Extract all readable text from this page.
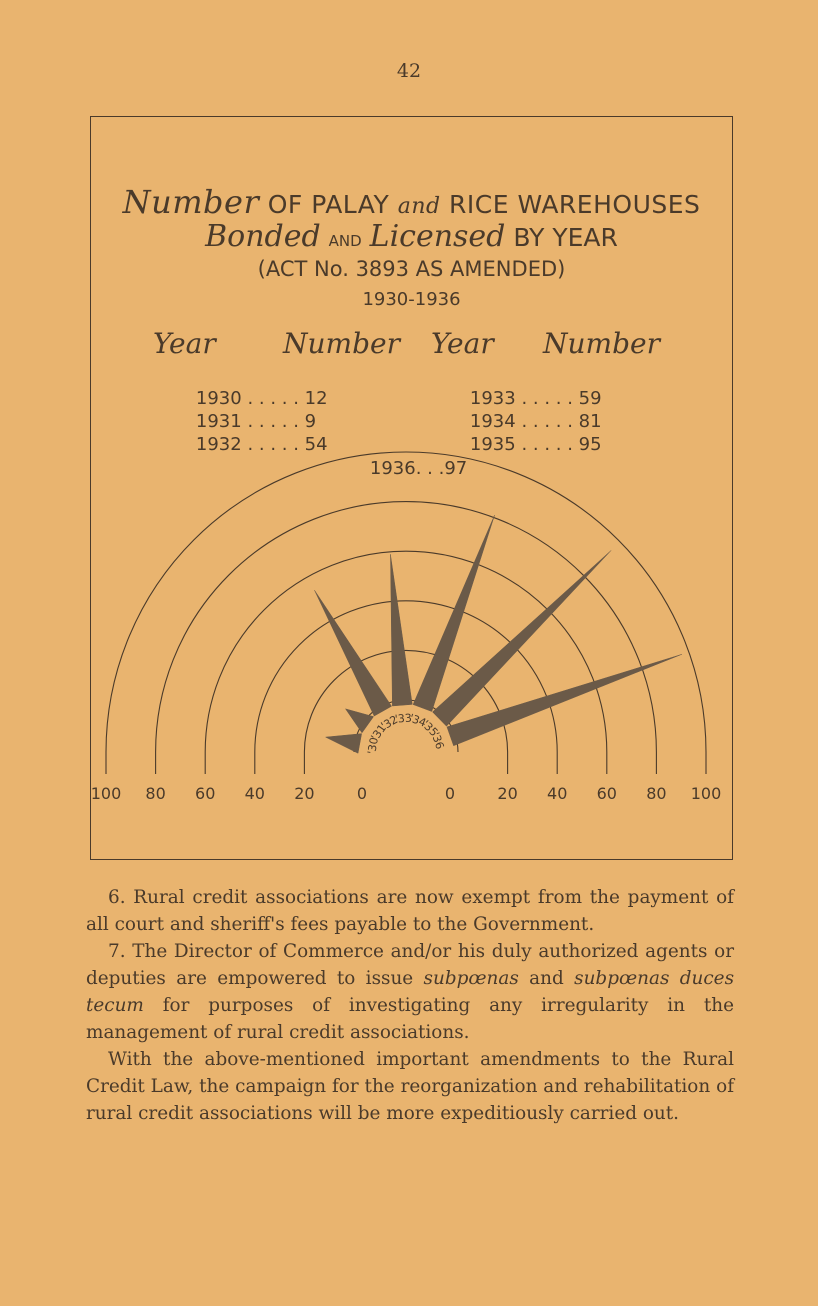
42
Number OF PALAY and RICE WAREHOUSES
Bonded AND Licensed BY YEAR
(ACT No. 3893 AS AMENDED)
1930-1936
Year Number Year Number

1930 . . . . . 12

1931 . . . . . 9

1932 . . . . . 54

1933 . . . . . 59

1934 . . . . . 81

1935 . . . . . 95

1936. . .97

'30
'31
'32
'33
'34
'35
'36
100 80 60 40 20	0	0	20 40 60 80 100

6. Rural credit associations are now exempt from the payment of all court and sheriff's fees payable to the Government.

7. The Director of Commerce and/or his duly authorized agents or deputies are empowered to issue subpœnas and subpœnas duces tecum for purposes of investigating any irregularity in the management of rural credit associations.

With the above-mentioned important amendments to the Rural Credit Law, the campaign for the reorganization and rehabilitation of rural credit associations will be more expeditiously carried out.
